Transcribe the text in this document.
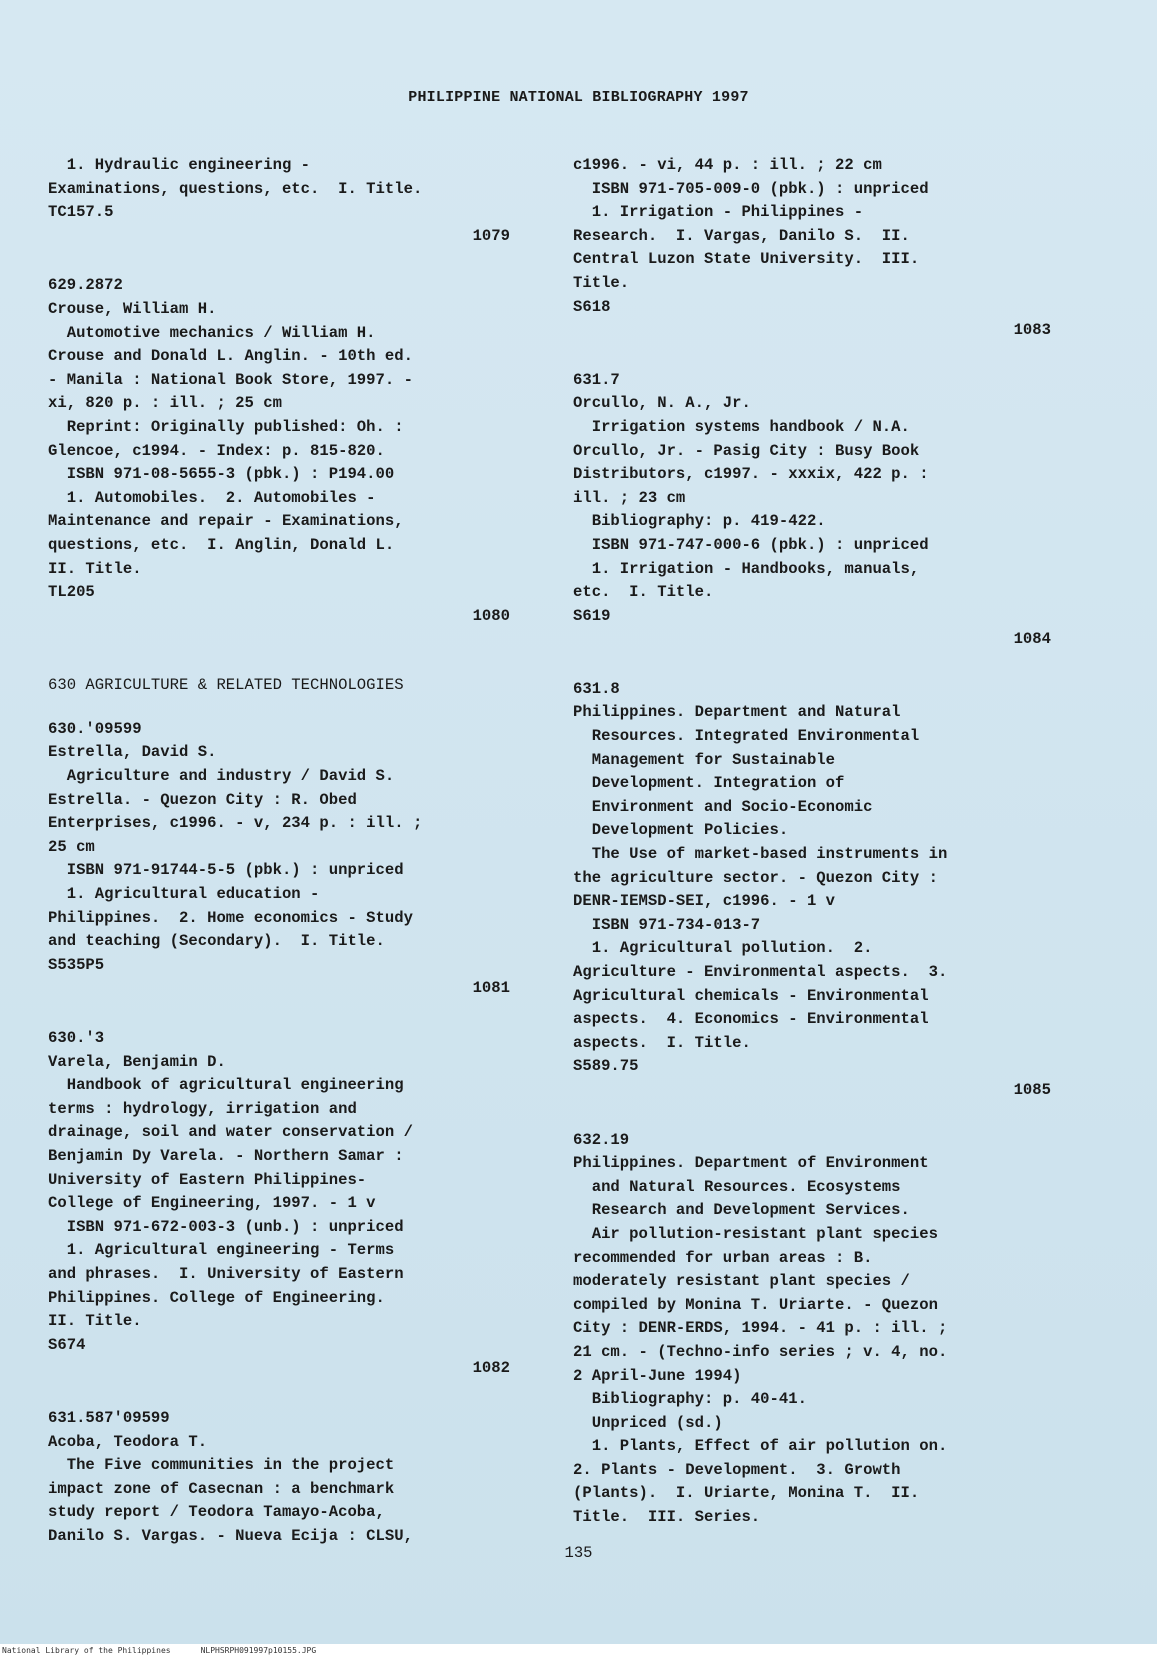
PHILIPPINE NATIONAL BIBLIOGRAPHY 1997
1. Hydraulic engineering -
Examinations, questions, etc.  I. Title.
TC157.5
1079
629.2872
Crouse, William H.
Automotive mechanics / William H.
Crouse and Donald L. Anglin. - 10th ed.
- Manila : National Book Store, 1997. -
xi, 820 p. : ill. ; 25 cm
Reprint: Originally published: Oh. :
Glencoe, c1994. - Index: p. 815-820.
ISBN 971-08-5655-3 (pbk.) : P194.00
1. Automobiles.  2. Automobiles -
Maintenance and repair - Examinations,
questions, etc.  I. Anglin, Donald L.
II. Title.
TL205
1080
630 AGRICULTURE & RELATED TECHNOLOGIES
630.'09599
Estrella, David S.
Agriculture and industry / David S.
Estrella. - Quezon City : R. Obed
Enterprises, c1996. - v, 234 p. : ill. ;
25 cm
ISBN 971-91744-5-5 (pbk.) : unpriced
1. Agricultural education -
Philippines.  2. Home economics - Study
and teaching (Secondary).  I. Title.
S535P5
1081
630.'3
Varela, Benjamin D.
Handbook of agricultural engineering
terms : hydrology, irrigation and
drainage, soil and water conservation /
Benjamin Dy Varela. - Northern Samar :
University of Eastern Philippines-
College of Engineering, 1997. - 1 v
ISBN 971-672-003-3 (unb.) : unpriced
1. Agricultural engineering - Terms
and phrases.  I. University of Eastern
Philippines. College of Engineering.
II. Title.
S674
1082
631.587'09599
Acoba, Teodora T.
The Five communities in the project
impact zone of Casecnan : a benchmark
study report / Teodora Tamayo-Acoba,
Danilo S. Vargas. - Nueva Ecija : CLSU,
c1996. - vi, 44 p. : ill. ; 22 cm
ISBN 971-705-009-0 (pbk.) : unpriced
1. Irrigation - Philippines -
Research.  I. Vargas, Danilo S.  II.
Central Luzon State University.  III.
Title.
S618
1083
631.7
Orcullo, N. A., Jr.
Irrigation systems handbook / N.A.
Orcullo, Jr. - Pasig City : Busy Book
Distributors, c1997. - xxxix, 422 p. :
ill. ; 23 cm
Bibliography: p. 419-422.
ISBN 971-747-000-6 (pbk.) : unpriced
1. Irrigation - Handbooks, manuals,
etc.  I. Title.
S619
1084
631.8
Philippines. Department and Natural
Resources. Integrated Environmental
Management for Sustainable
Development. Integration of
Environment and Socio-Economic
Development Policies.
The Use of market-based instruments in
the agriculture sector. - Quezon City :
DENR-IEMSD-SEI, c1996. - 1 v
ISBN 971-734-013-7
1. Agricultural pollution.  2.
Agriculture - Environmental aspects.  3.
Agricultural chemicals - Environmental
aspects.  4. Economics - Environmental
aspects.  I. Title.
S589.75
1085
632.19
Philippines. Department of Environment
and Natural Resources. Ecosystems
Research and Development Services.
Air pollution-resistant plant species
recommended for urban areas : B.
moderately resistant plant species /
compiled by Monina T. Uriarte. - Quezon
City : DENR-ERDS, 1994. - 41 p. : ill. ;
21 cm. - (Techno-info series ; v. 4, no.
2 April-June 1994)
Bibliography: p. 40-41.
Unpriced (sd.)
1. Plants, Effect of air pollution on.
2. Plants - Development.  3. Growth
(Plants).  I. Uriarte, Monina T.  II.
Title.  III. Series.
135
National Library of the Philippines	NLPHSRPH091997p10155.JPG
